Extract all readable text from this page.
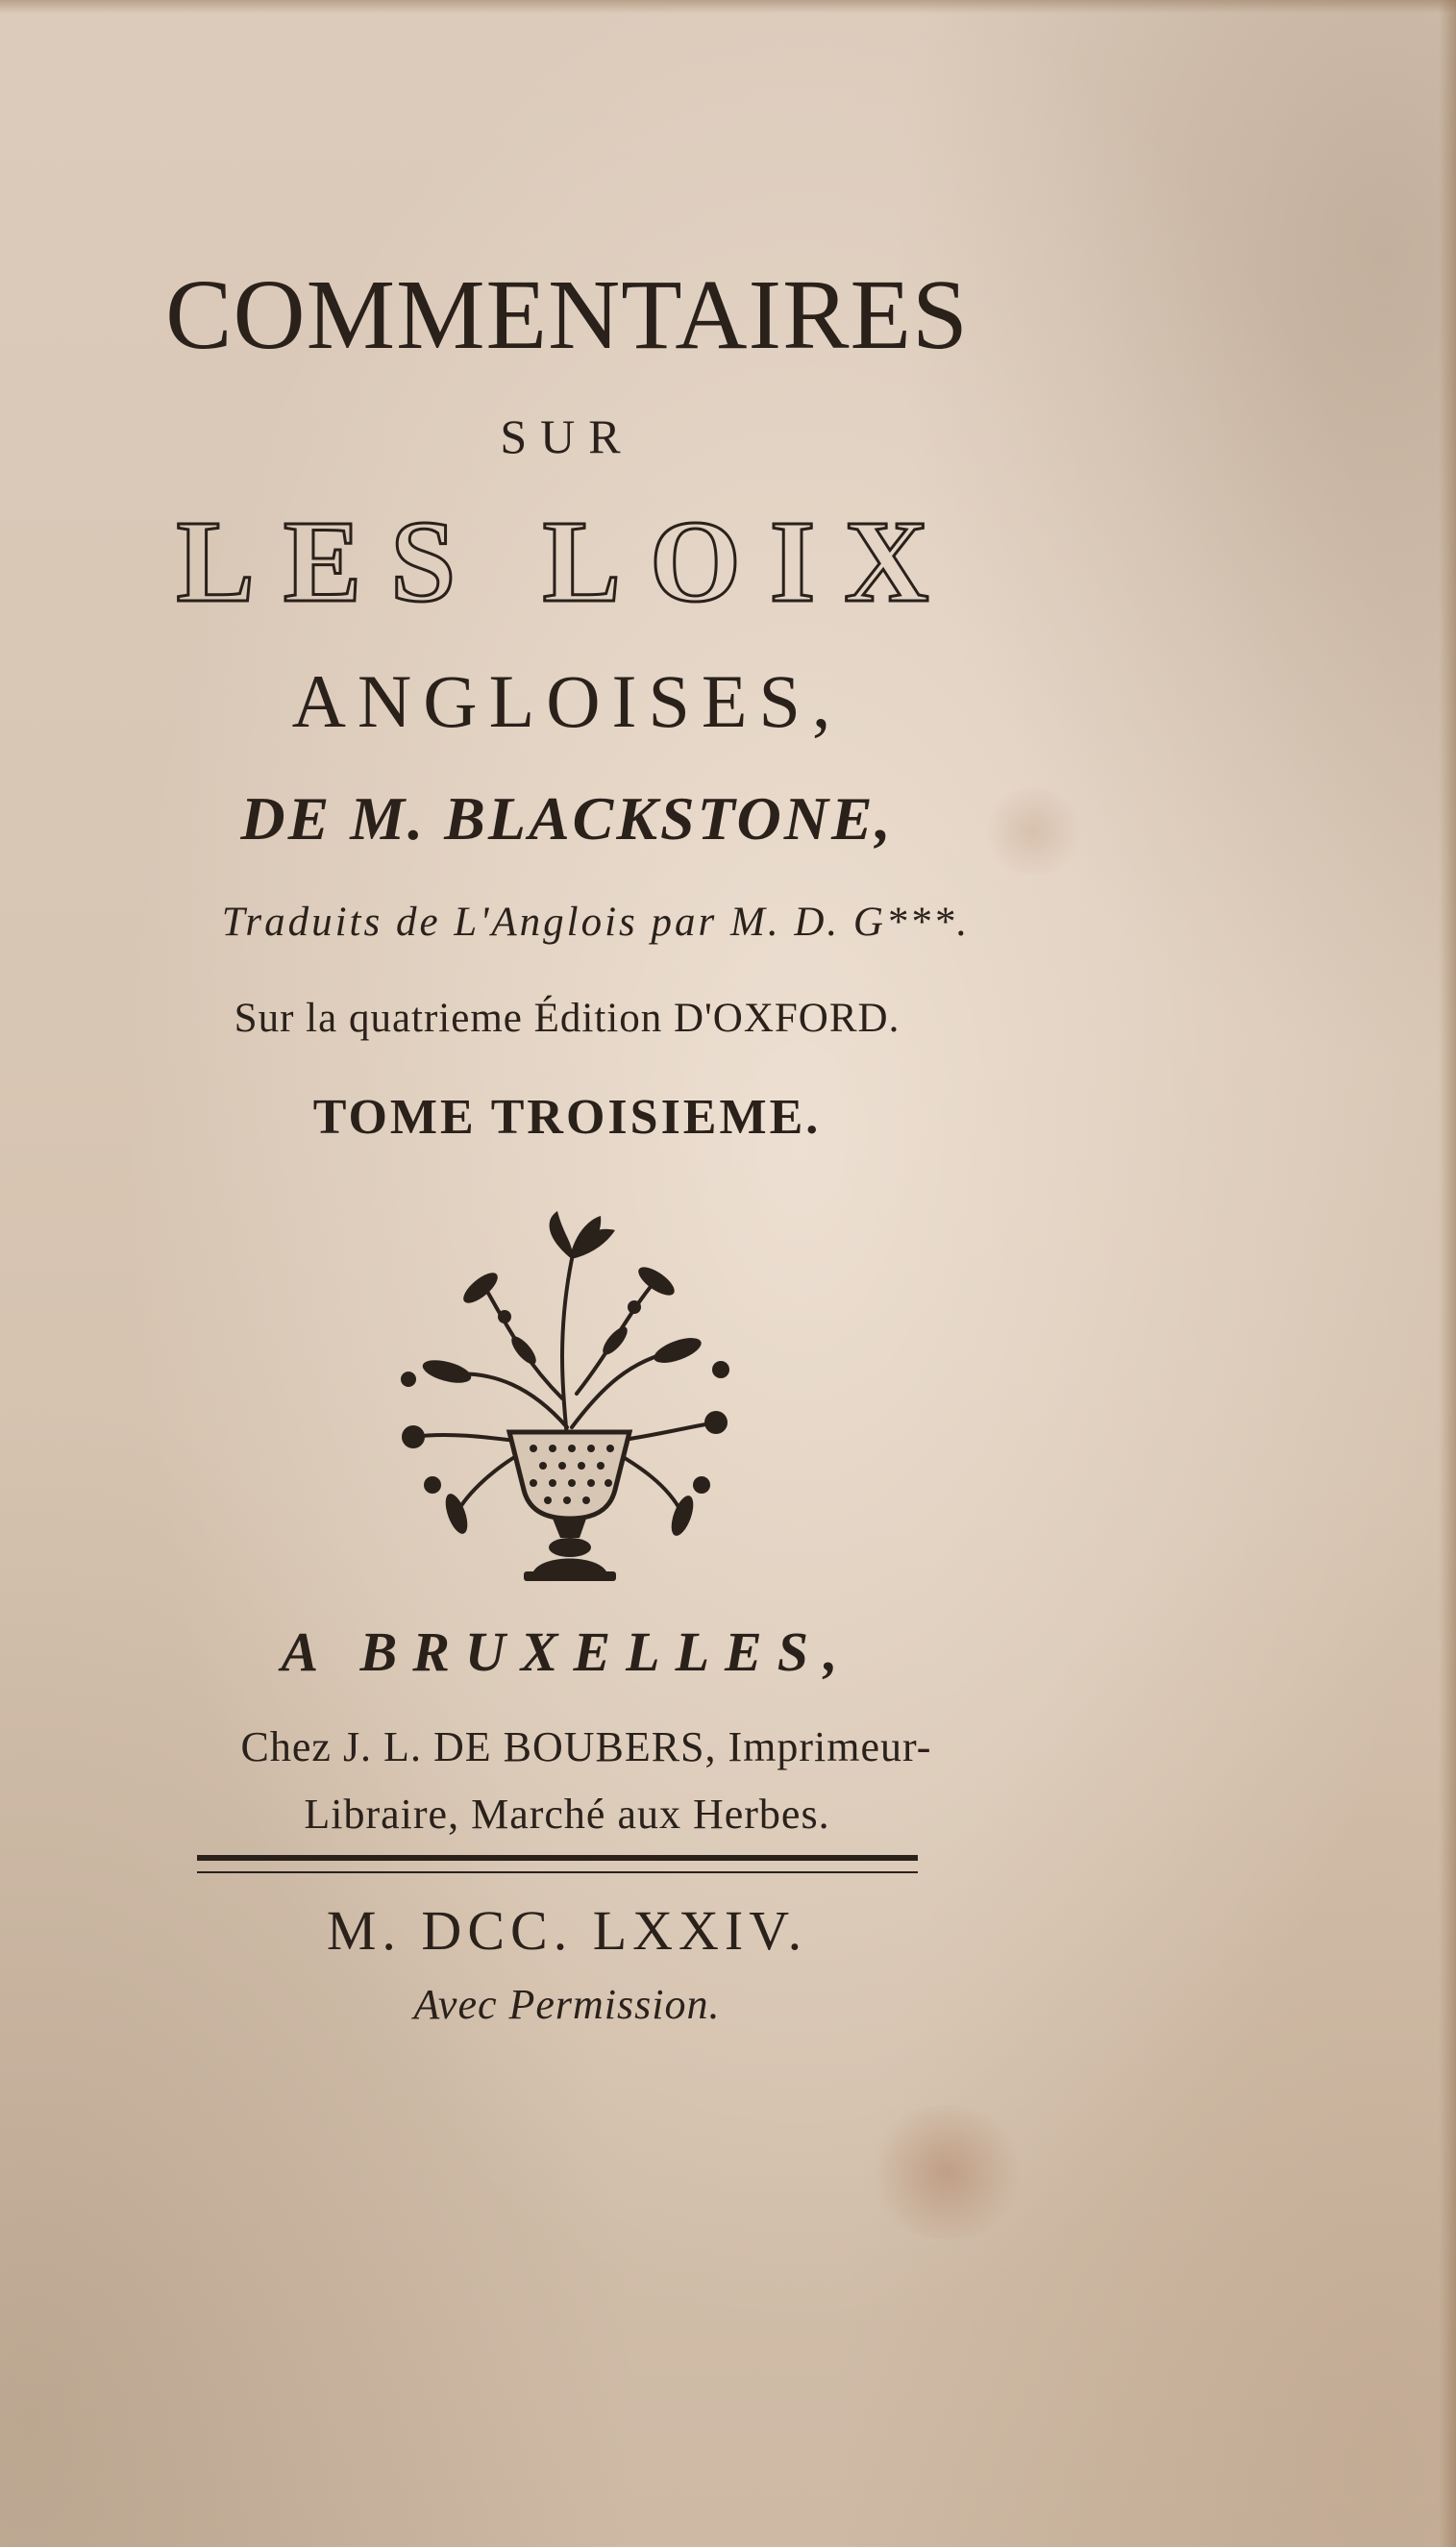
COMMENTAIRES
SUR
LES LOIX
ANGLOISES,
DE M. BLACKSTONE,
Traduits de L'Anglois par M. D. G***.
Sur la quatrieme Édition D'OXFORD.
TOME TROISIEME.
A BRUXELLES,
Chez J. L. DE BOUBERS, Imprimeur-
Libraire, Marché aux Herbes.
M. DCC. LXXIV.
Avec Permission.
